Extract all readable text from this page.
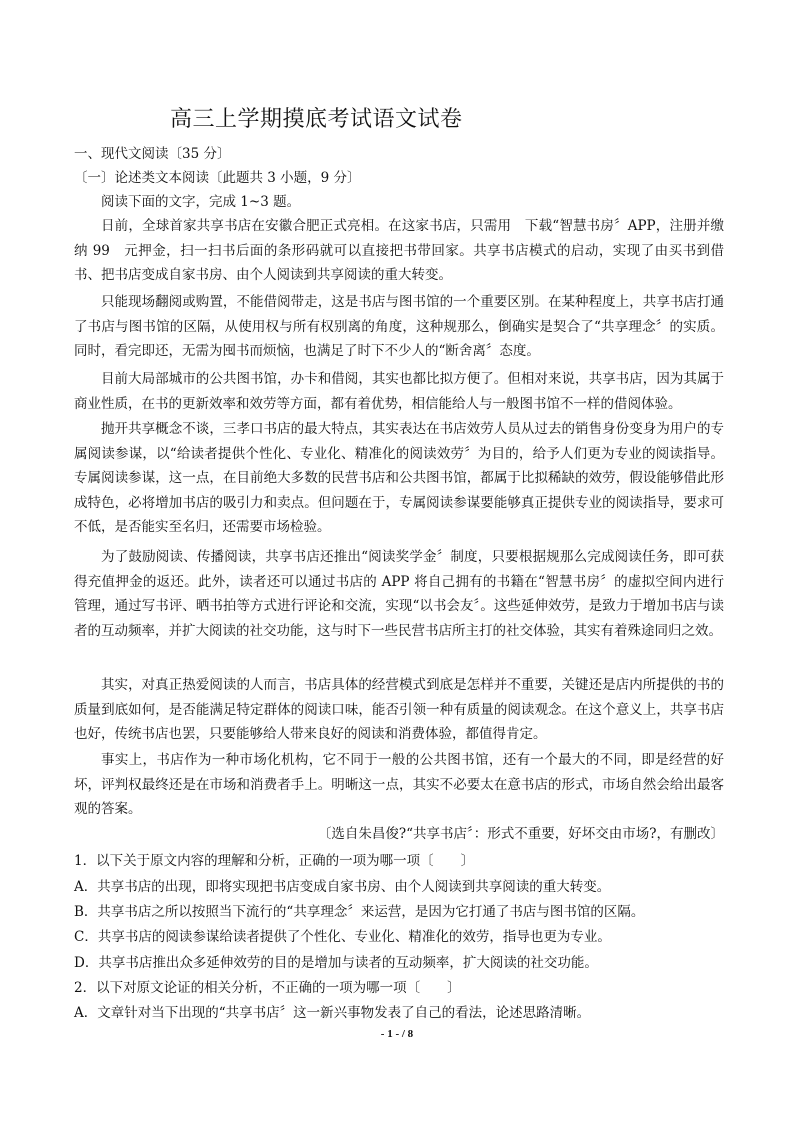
高三上学期摸底考试语文试卷

一、现代文阅读〔35 分〕

〔一〕论述类文本阅读〔此题共 3 小题，9 分〕

阅读下面的文字，完成 1~3 题。

日前，全球首家共享书店在安徽合肥正式亮相。在这家书店，只需用　下载“智慧书房〞APP，注册并缴纳 99　元押金，扫一扫书后面的条形码就可以直接把书带回家。共享书店模式的启动，实现了由买书到借书、把书店变成自家书房、由个人阅读到共享阅读的重大转变。

只能现场翻阅或购置，不能借阅带走，这是书店与图书馆的一个重要区别。在某种程度上，共享书店打通了书店与图书馆的区隔，从使用权与所有权别离的角度，这种规那么，倒确实是契合了“共享理念〞的实质。同时，看完即还，无需为囤书而烦恼，也满足了时下不少人的“断舍离〞态度。

目前大局部城市的公共图书馆，办卡和借阅，其实也都比拟方便了。但相对来说，共享书店，因为其属于商业性质，在书的更新效率和效劳等方面，都有着优势，相信能给人与一般图书馆不一样的借阅体验。

抛开共享概念不谈，三孝口书店的最大特点，其实表达在书店效劳人员从过去的销售身份变身为用户的专属阅读参谋，以“给读者提供个性化、专业化、精准化的阅读效劳〞为目的，给予人们更为专业的阅读指导。专属阅读参谋，这一点，在目前绝大多数的民营书店和公共图书馆，都属于比拟稀缺的效劳，假设能够借此形成特色，必将增加书店的吸引力和卖点。但问题在于，专属阅读参谋要能够真正提供专业的阅读指导，要求可不低，是否能实至名归，还需要市场检验。

为了鼓励阅读、传播阅读，共享书店还推出“阅读奖学金〞制度，只要根据规那么完成阅读任务，即可获得充值押金的返还。此外，读者还可以通过书店的 APP 将自己拥有的书籍在“智慧书房〞的虚拟空间内进行管理，通过写书评、晒书拍等方式进行评论和交流，实现“以书会友〞。这些延伸效劳，是致力于增加书店与读者的互动频率，并扩大阅读的社交功能，这与时下一些民营书店所主打的社交体验，其实有着殊途同归之效。

其实，对真正热爱阅读的人而言，书店具体的经营模式到底是怎样并不重要，关键还是店内所提供的书的质量到底如何，是否能满足特定群体的阅读口味，能否引领一种有质量的阅读观念。在这个意义上，共享书店也好，传统书店也罢，只要能够给人带来良好的阅读和消费体验，都值得肯定。

事实上，书店作为一种市场化机构，它不同于一般的公共图书馆，还有一个最大的不同，即是经营的好坏，评判权最终还是在市场和消费者手上。明晰这一点，其实不必要太在意书店的形式，市场自然会给出最客观的答案。

〔选自朱昌俊?“共享书店〞：形式不重要，好坏交由市场?，有删改〕

1．以下关于原文内容的理解和分析，正确的一项为哪一项〔　　〕

A．共享书店的出现，即将实现把书店变成自家书房、由个人阅读到共享阅读的重大转变。

B．共享书店之所以按照当下流行的“共享理念〞来运营，是因为它打通了书店与图书馆的区隔。

C．共享书店的阅读参谋给读者提供了个性化、专业化、精准化的效劳，指导也更为专业。

D．共享书店推出众多延伸效劳的目的是增加与读者的互动频率，扩大阅读的社交功能。

2．以下对原文论证的相关分析，不正确的一项为哪一项〔　　〕

A．文章针对当下出现的“共享书店〞这一新兴事物发表了自己的看法，论述思路清晰。

- 1 - / 8
